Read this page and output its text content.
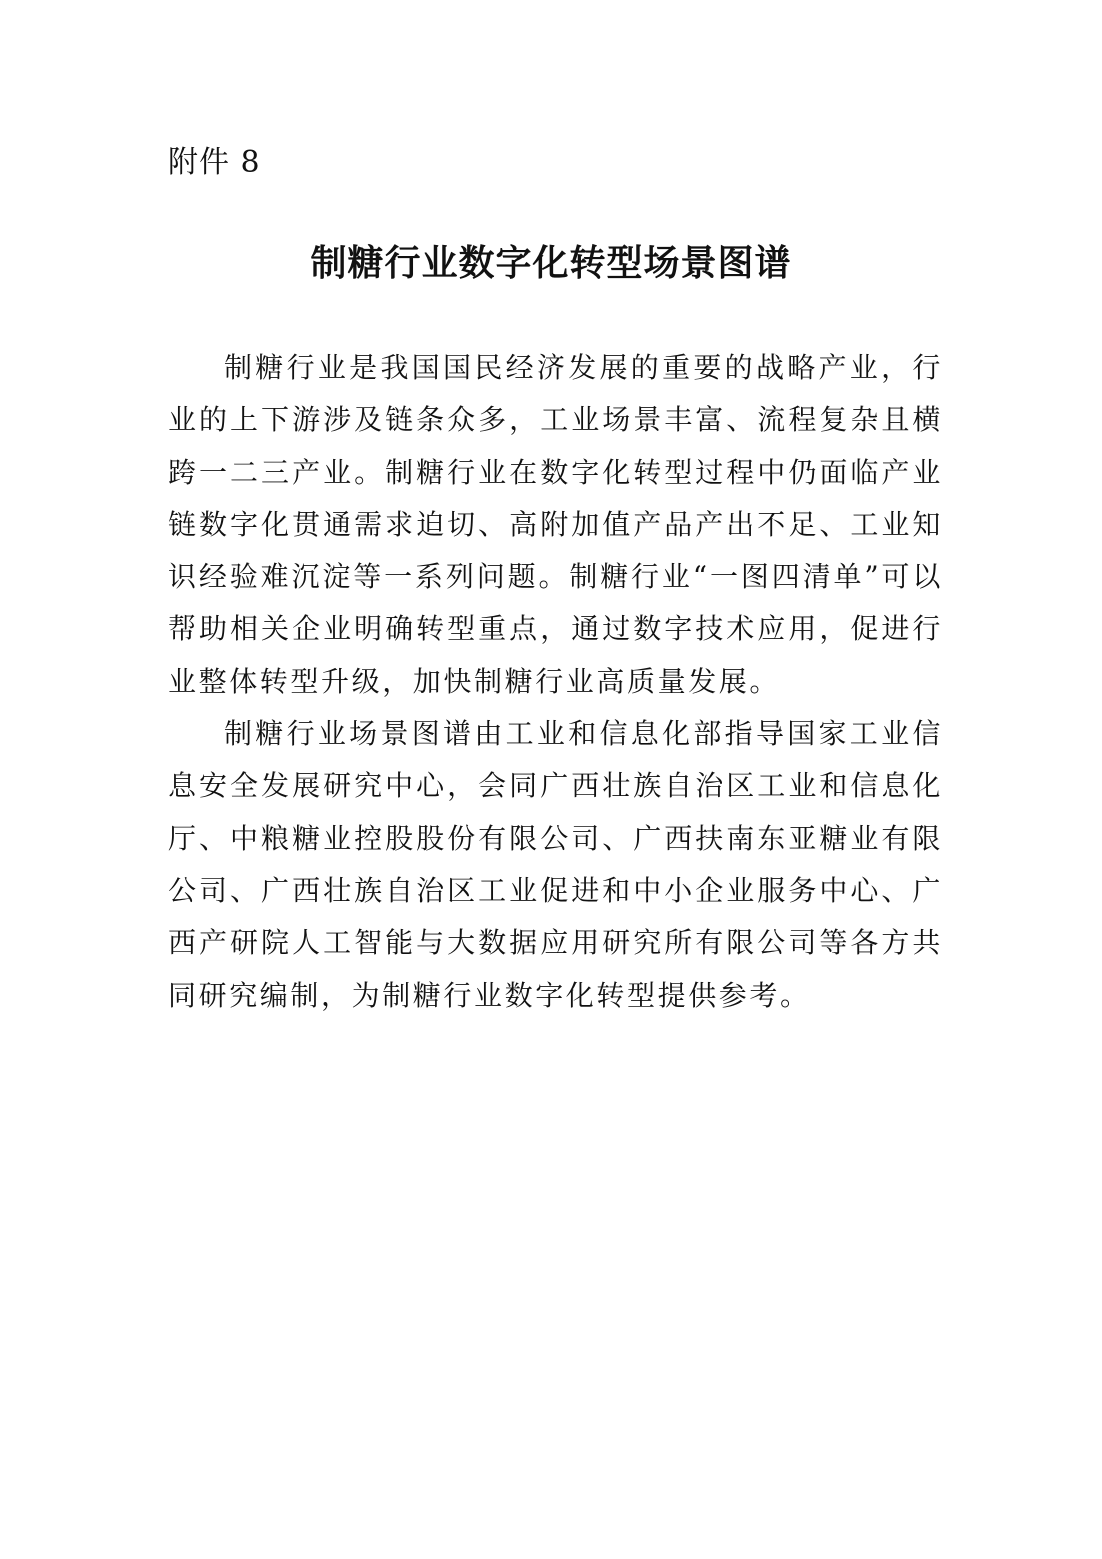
附件 8
制糖行业数字化转型场景图谱

制糖行业是我国国民经济发展的重要的战略产业，行业的上下游涉及链条众多，工业场景丰富、流程复杂且横跨一二三产业。制糖行业在数字化转型过程中仍面临产业链数字化贯通需求迫切、高附加值产品产出不足、工业知识经验难沉淀等一系列问题。制糖行业“一图四清单”可以帮助相关企业明确转型重点，通过数字技术应用，促进行业整体转型升级，加快制糖行业高质量发展。

制糖行业场景图谱由工业和信息化部指导国家工业信息安全发展研究中心，会同广西壮族自治区工业和信息化厅、中粮糖业控股股份有限公司、广西扶南东亚糖业有限公司、广西壮族自治区工业促进和中小企业服务中心、广西产研院人工智能与大数据应用研究所有限公司等各方共同研究编制，为制糖行业数字化转型提供参考。
